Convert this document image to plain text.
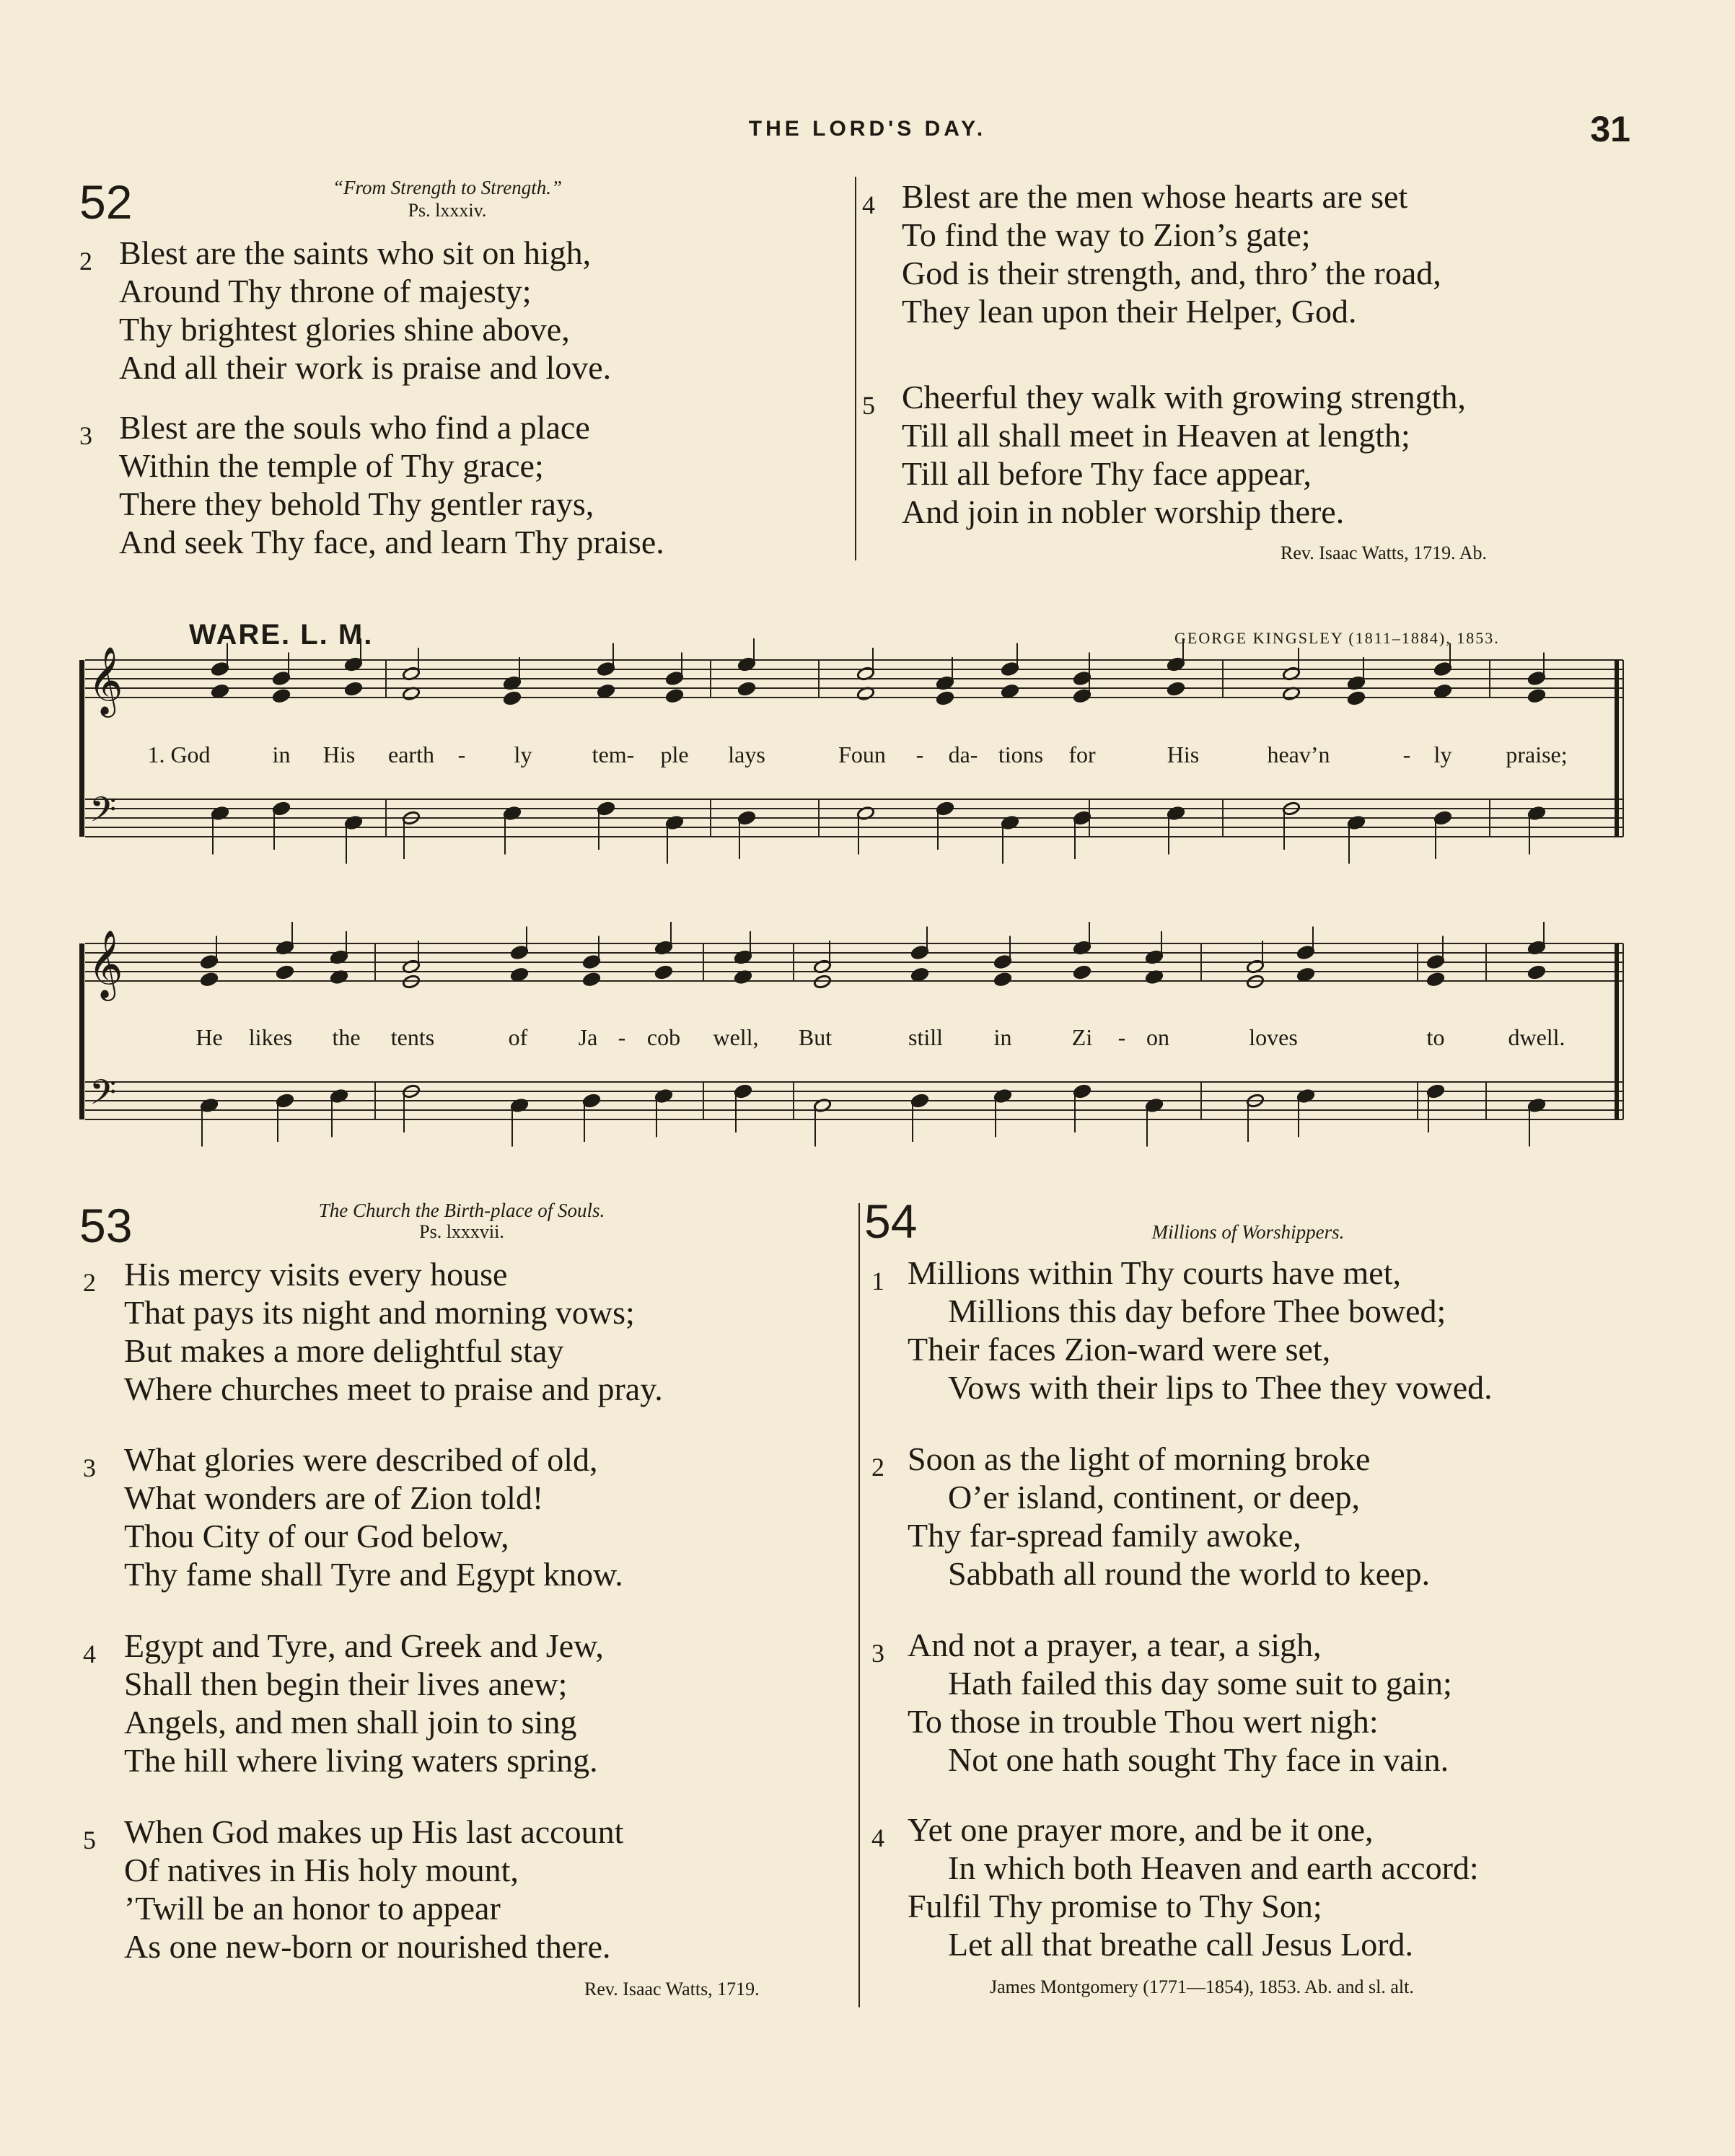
THE LORD'S DAY.	31
52	“From Strength to Strength.”
Ps. lxxxiv.
2 Blest are the saints who sit on high,
Around Thy throne of majesty;
Thy brightest glories shine above,
And all their work is praise and love.
3 Blest are the souls who find a place
Within the temple of Thy grace;
There they behold Thy gentler rays,
And seek Thy face, and learn Thy praise.
4 Blest are the men whose hearts are set
To find the way to Zion’s gate;
God is their strength, and, thro’ the road,
They lean upon their Helper, God.
5 Cheerful they walk with growing strength,
Till all shall meet in Heaven at length;
Till all before Thy face appear,
And join in nobler worship there.
Rev. Isaac Watts, 1719. Ab.
WARE. L. M.	GEORGE KINGSLEY (1811–1884), 1853.
𝄞
𝄞
𝄢
𝄢
1. God	in His earth - ly	tem- ple lays	Foun - da- tions for	His	heav’n	- ly praise;
He likes the tents	of Ja - cob well, But	still in	Zi - on	loves	to	dwell.
53	The Church the Birth-place of Souls.
Ps. lxxxvii.
2 His mercy visits every house
That pays its night and morning vows;
But makes a more delightful stay
Where churches meet to praise and pray.
3 What glories were described of old,
What wonders are of Zion told!
Thou City of our God below,
Thy fame shall Tyre and Egypt know.
4 Egypt and Tyre, and Greek and Jew,
Shall then begin their lives anew;
Angels, and men shall join to sing
The hill where living waters spring.
5 When God makes up His last account
Of natives in His holy mount,
’Twill be an honor to appear
As one new-born or nourished there.
Rev. Isaac Watts, 1719.
54	Millions of Worshippers.
1 Millions within Thy courts have met,
Millions this day before Thee bowed;
Their faces Zion-ward were set,
Vows with their lips to Thee they vowed.
2 Soon as the light of morning broke
O’er island, continent, or deep,
Thy far-spread family awoke,
Sabbath all round the world to keep.
3 And not a prayer, a tear, a sigh,
Hath failed this day some suit to gain;
To those in trouble Thou wert nigh:
Not one hath sought Thy face in vain.
4 Yet one prayer more, and be it one,
In which both Heaven and earth accord:
Fulfil Thy promise to Thy Son;
Let all that breathe call Jesus Lord.
James Montgomery (1771—1854), 1853. Ab. and sl. alt.
